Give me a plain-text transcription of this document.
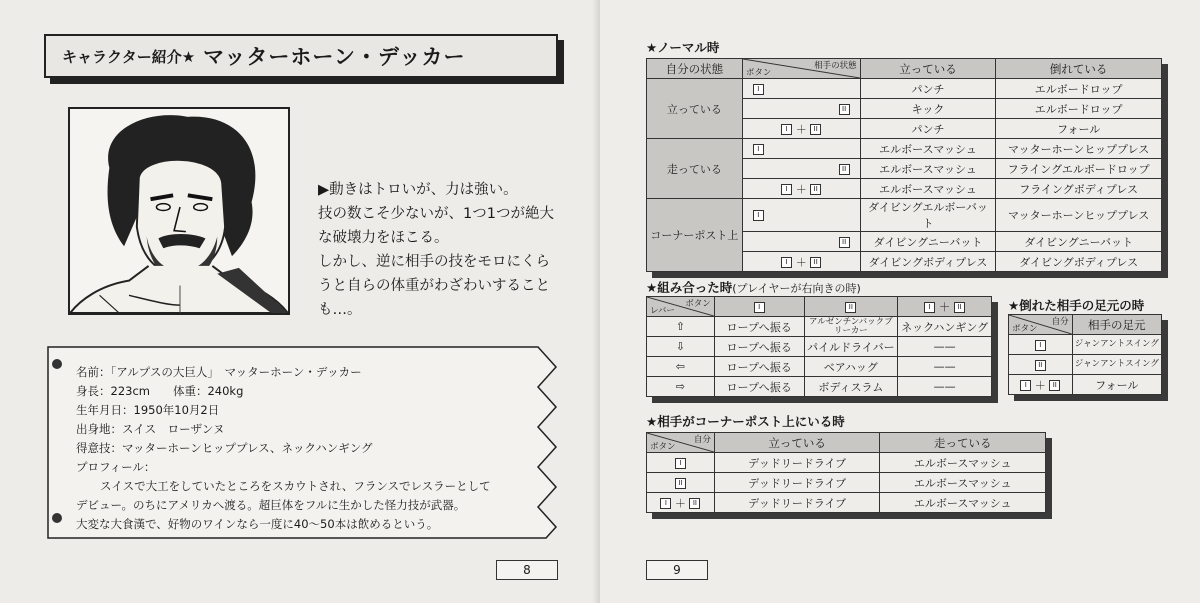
キャラクター紹介★ マッターホーン・デッカー

▶動きはトロいが、力は強い。

技の数こそ少ないが、1つ1つが絶大

な破壊力をほこる。

しかし、逆に相手の技をモロにくら

うと自らの体重がわざわいすることも…。

名前：「アルプスの大巨人」　マッターホーン・デッカー
身長：223cm　　体重：240kg
生年月日：1950年10月2日
出身地：スイス　ローザンヌ
得意技：マッターホーンヒッププレス、ネックハンギング
プロフィール：
スイスで大工をしていたところをスカウトされ、フランスでレスラーとして
デビュー。のちにアメリカへ渡る。超巨体をフルに生かした怪力技が武器。
大変な大食漢で、好物のワインなら一度に40～50本は飲めるという。
8
★ノーマル時
自分の状態	相手の状態
ボタン	立っている	倒れている
立っている	I	パンチ	エルボードロップ
	II	キック	エルボードロップ
	I ＋ II	パンチ	フォール
走っている	I	エルボースマッシュ	マッターホーンヒッププレス
	II	エルボースマッシュ	フライングエルボードロップ
	I ＋ II	エルボースマッシュ	フライングボディプレス
コーナーポスト上	I	ダイビングエルボーバット	マッターホーンヒッププレス
	II	ダイビングニーバット	ダイビングニーバット
	I ＋ II	ダイビングボディプレス	ダイビングボディプレス
★組み合った時(プレイヤーが右向きの時)
ボタン
レバー	I	II	I ＋ II
⇧	ロープへ振る	アルゼンチンバックブリーカー	ネックハンギング
⇩	ロープへ振る	パイルドライバー	——
⇦	ロープへ振る	ベアハッグ	——
⇨	ロープへ振る	ボディスラム	——
★倒れた相手の足元の時
自分
ボタン	相手の足元
I	ジャンアントスイング
II	ジャンアントスイング
I ＋ II	フォール
★相手がコーナーポスト上にいる時
自分
ボタン	立っている	走っている
I	デッドリードライブ	エルボースマッシュ
II	デッドリードライブ	エルボースマッシュ
I ＋ II	デッドリードライブ	エルボースマッシュ
9
